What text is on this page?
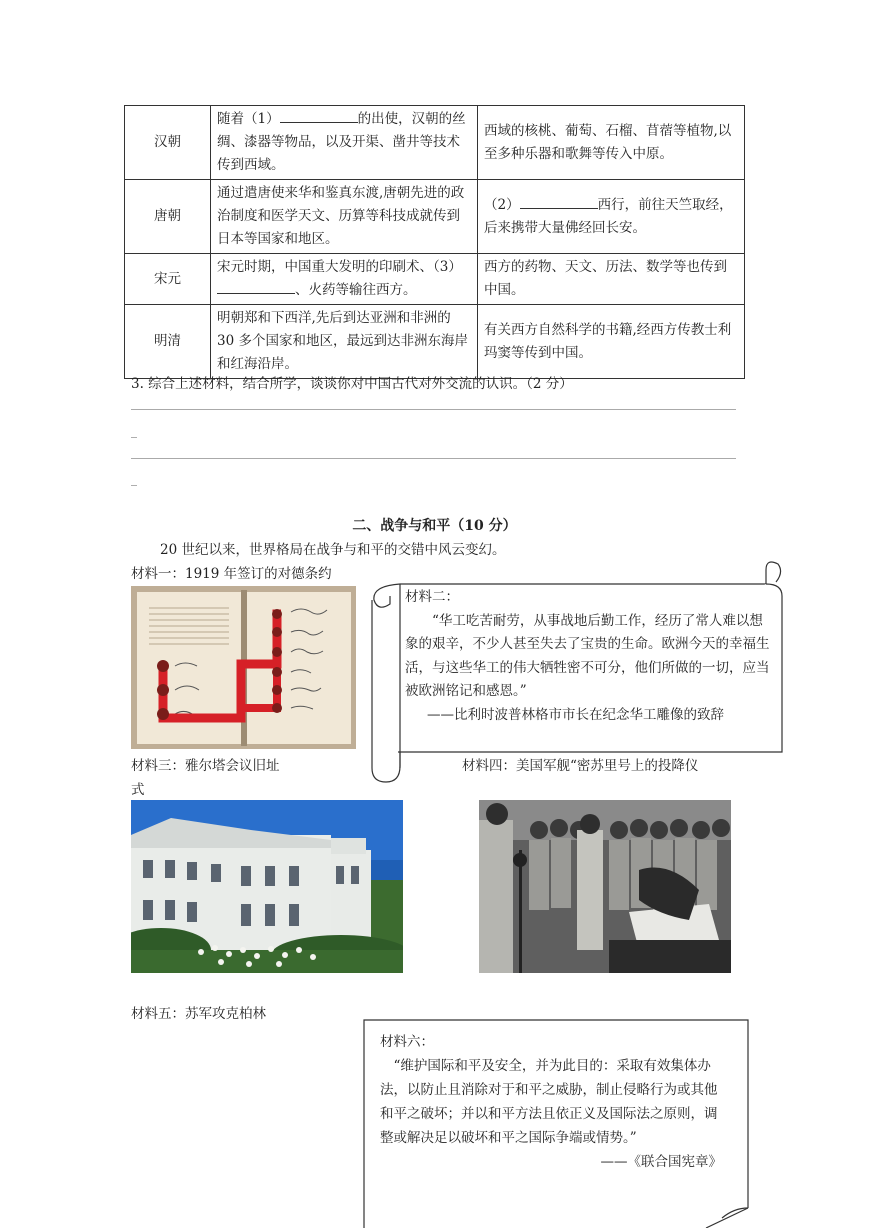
汉朝	随着（1） 的出使，汉朝的丝绸、漆器等物品，以及开渠、凿井等技术传到西域。	西域的核桃、葡萄、石榴、苜蓿等植物,以至多种乐器和歌舞等传入中原。
唐朝	通过遣唐使来华和鉴真东渡,唐朝先进的政治制度和医学天文、历算等科技成就传到日本等国家和地区。	（2） 西行，前往天竺取经，后来携带大量佛经回长安。
宋元	宋元时期，中国重大发明的印刷术、（3）、火药等输往西方。	西方的药物、天文、历法、数学等也传到中国。
明清	明朝郑和下西洋,先后到达亚洲和非洲的 30 多个国家和地区，最远到达非洲东海岸和红海沿岸。	有关西方自然科学的书籍,经西方传教士利玛窦等传到中国。
3. 综合上述材料，结合所学，谈谈你对中国古代对外交流的认识。（2 分）
_
_
二、战争与和平（10 分）
20 世纪以来，世界格局在战争与和平的交错中风云变幻。
材料一：1919 年签订的对德条约
材料二：
“华工吃苦耐劳，从事战地后勤工作，经历了常人难以想象的艰辛，不少人甚至失去了宝贵的生命。欧洲今天的幸福生活，与这些华工的伟大牺牲密不可分，他们所做的一切，应当被欧洲铭记和感恩。”
——比利时波普林格市市长在纪念华工雕像的致辞
材料三：雅尔塔会议旧址
式
材料四：美国军舰“密苏里号上的投降仪
材料五：苏军攻克柏林
材料六：
“维护国际和平及安全，并为此目的：采取有效集体办法，以防止且消除对于和平之威胁，制止侵略行为或其他和平之破坏；并以和平方法且依正义及国际法之原则，调整或解决足以破坏和平之国际争端或情势。”
——《联合国宪章》
